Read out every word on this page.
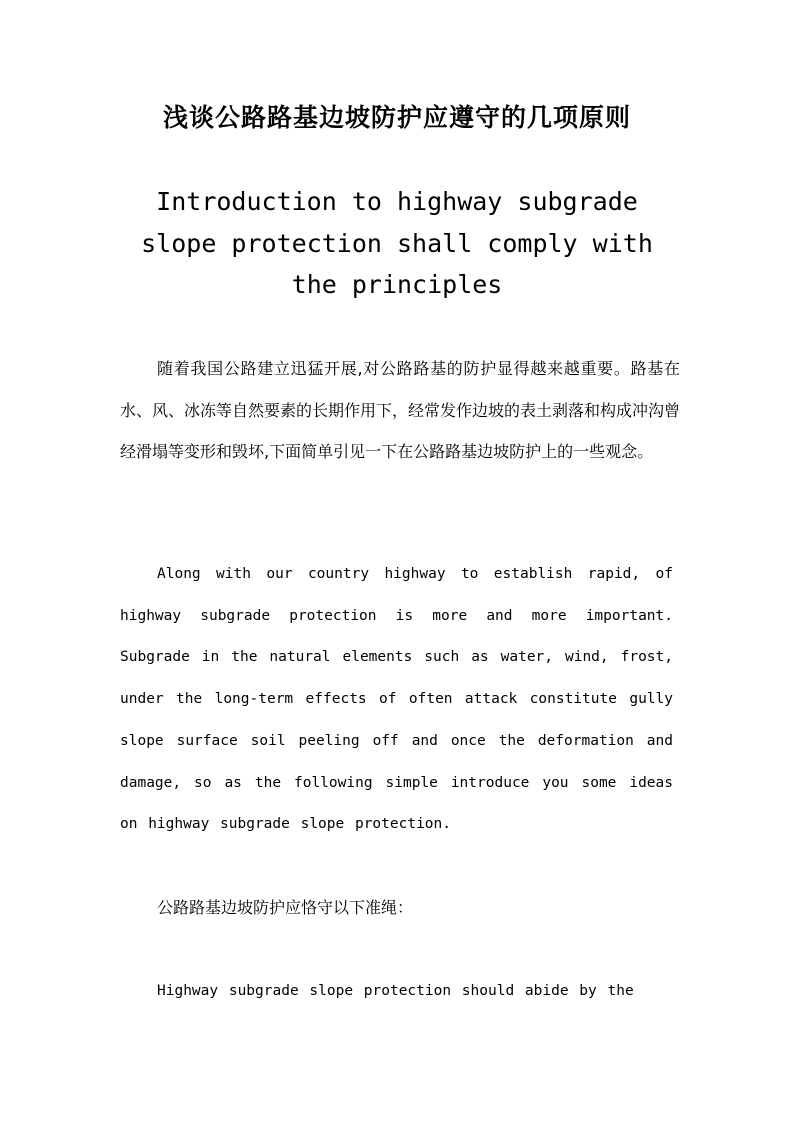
浅谈公路路基边坡防护应遵守的几项原则
Introduction to highway subgrade slope protection shall comply with the principles
随着我国公路建立迅猛开展,对公路路基的防护显得越来越重要。路基在水、风、冰冻等自然要素的长期作用下，经常发作边坡的表土剥落和构成冲沟曾经滑塌等变形和毁坏,下面简单引见一下在公路路基边坡防护上的一些观念。
Along with our country highway to establish rapid, of highway subgrade protection is more and more important. Subgrade in the natural elements such as water, wind, frost, under the long-term effects of often attack constitute gully slope surface soil peeling off and once the deformation and damage, so as the following simple introduce you some ideas on highway subgrade slope protection.
公路路基边坡防护应恪守以下准绳：
Highway subgrade slope protection should abide by the
